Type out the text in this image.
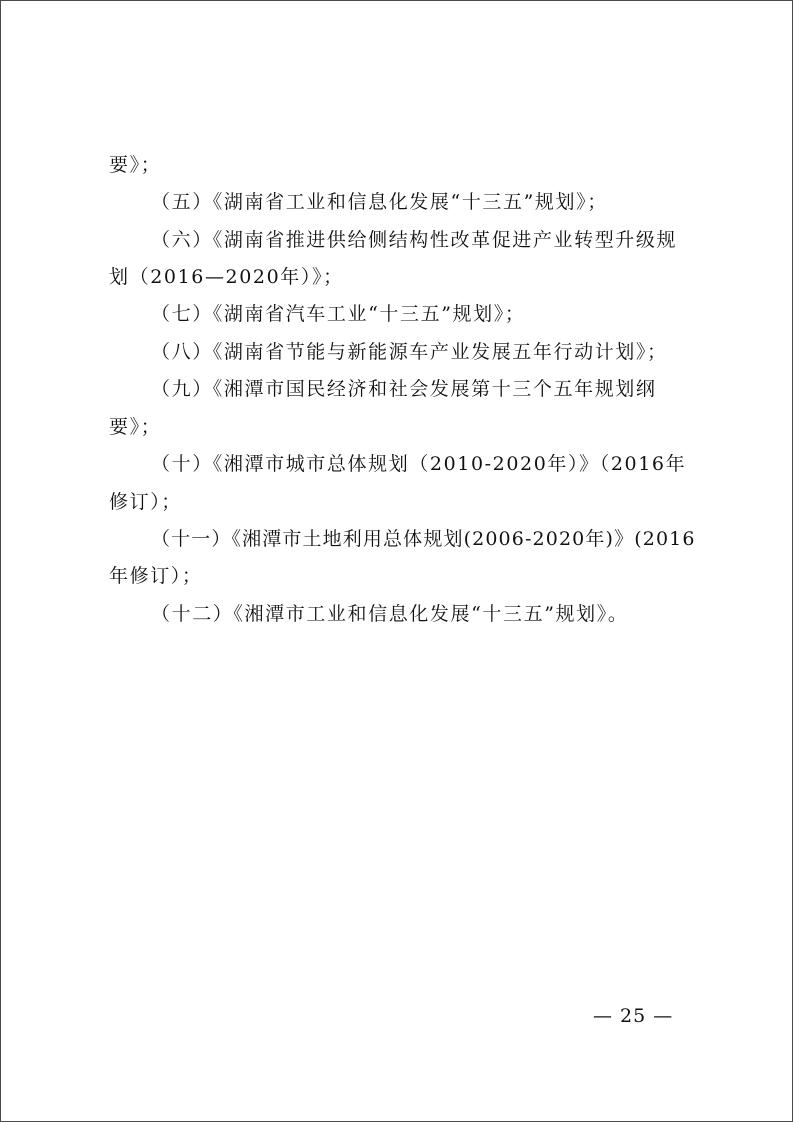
要》；
（五）《湖南省工业和信息化发展“十三五”规划》；
（六）《湖南省推进供给侧结构性改革促进产业转型升级规
划（2016—2020年）》；
（七）《湖南省汽车工业“十三五”规划》；
（八）《湖南省节能与新能源车产业发展五年行动计划》；
（九）《湘潭市国民经济和社会发展第十三个五年规划纲
要》；
（十）《湘潭市城市总体规划（2010-2020年）》（2016年
修订）；
（十一）《湘潭市土地利用总体规划(2006-2020年)》(2016
年修订）；
（十二）《湘潭市工业和信息化发展“十三五”规划》。
— 25 —
